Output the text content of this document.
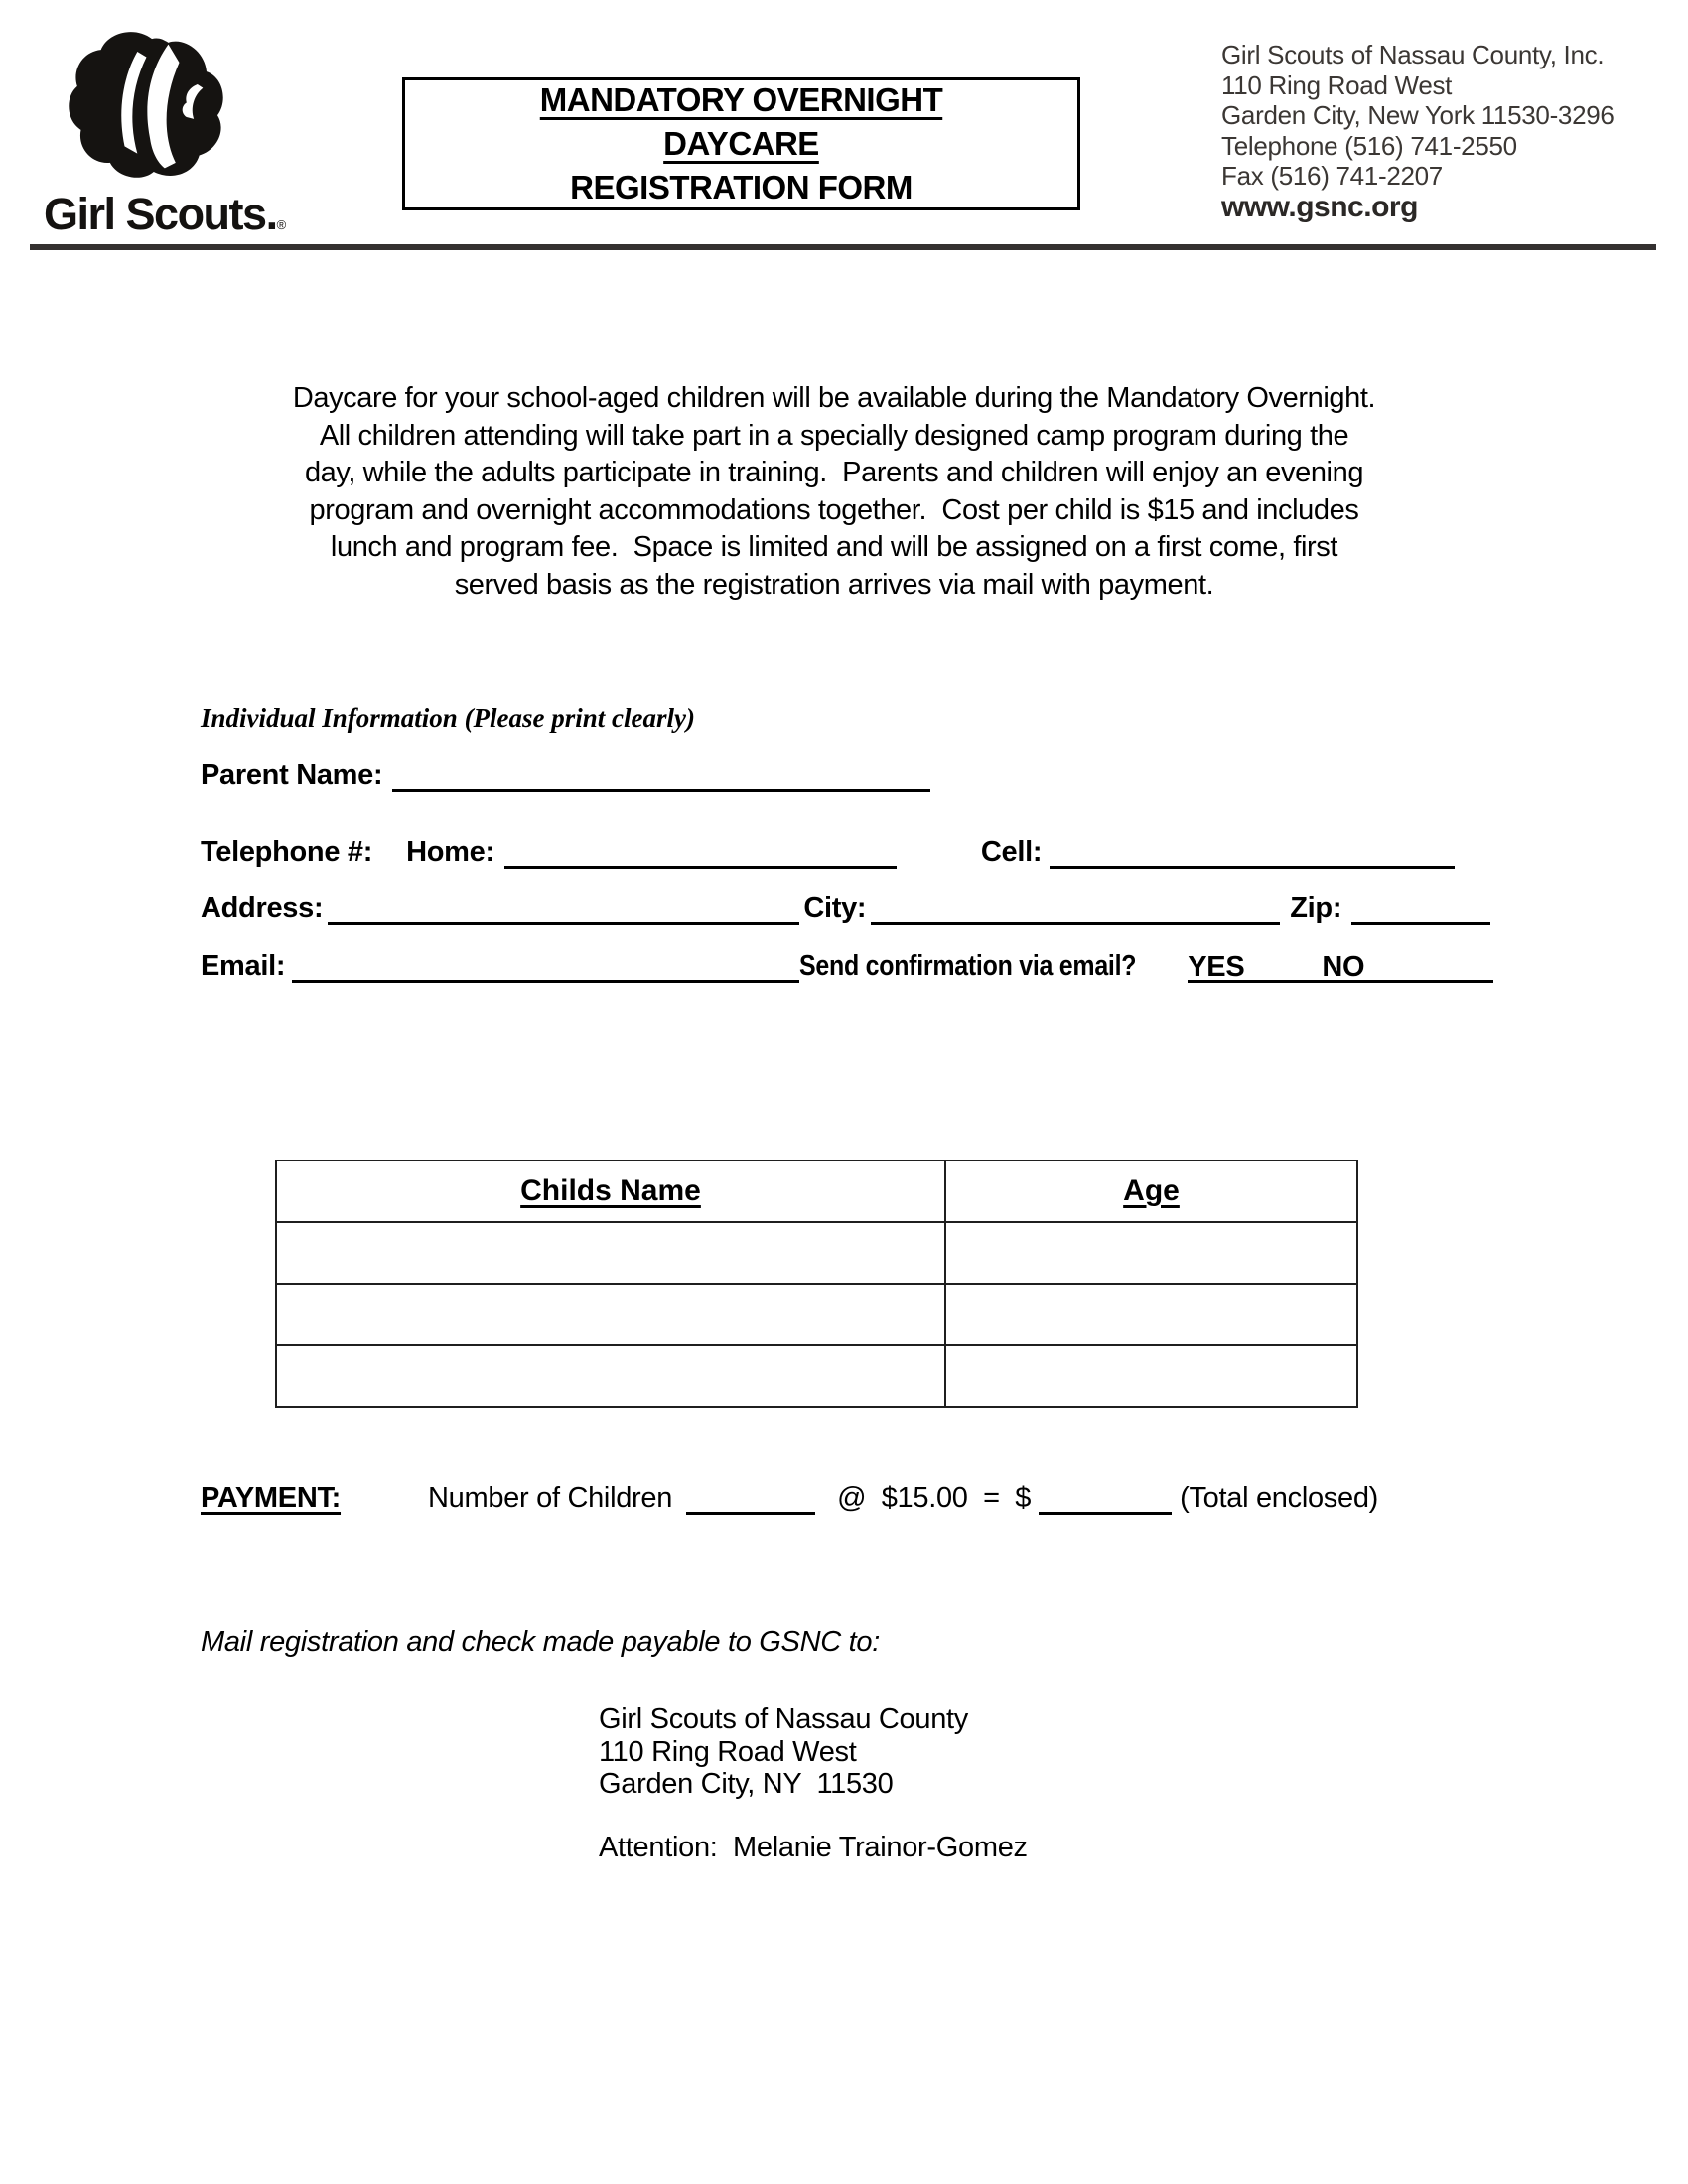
Girl Scouts.®
MANDATORY OVERNIGHT
DAYCARE
REGISTRATION FORM
Girl Scouts of Nassau County, Inc.
110 Ring Road West
Garden City, New York 11530-3296
Telephone (516) 741-2550
Fax (516) 741-2207
www.gsnc.org
Daycare for your school-aged children will be available during the Mandatory Overnight.
All children attending will take part in a specially designed camp program during the
day, while the adults participate in training.  Parents and children will enjoy an evening
program and overnight accommodations together.  Cost per child is $15 and includes
lunch and program fee.  Space is limited and will be assigned on a first come, first
served basis as the registration arrives via mail with payment.
Individual Information (Please print clearly)
Parent Name:
Telephone #: Home:	Cell:
Address:	City:	Zip:
Email:	Send confirmation via email? YES	NO
Childs Name	Age

PAYMENT:	Number of Children	@  $15.00  =  $	(Total enclosed)
Mail registration and check made payable to GSNC to:
Girl Scouts of Nassau County
110 Ring Road West
Garden City, NY  11530
Attention:  Melanie Trainor-Gomez
